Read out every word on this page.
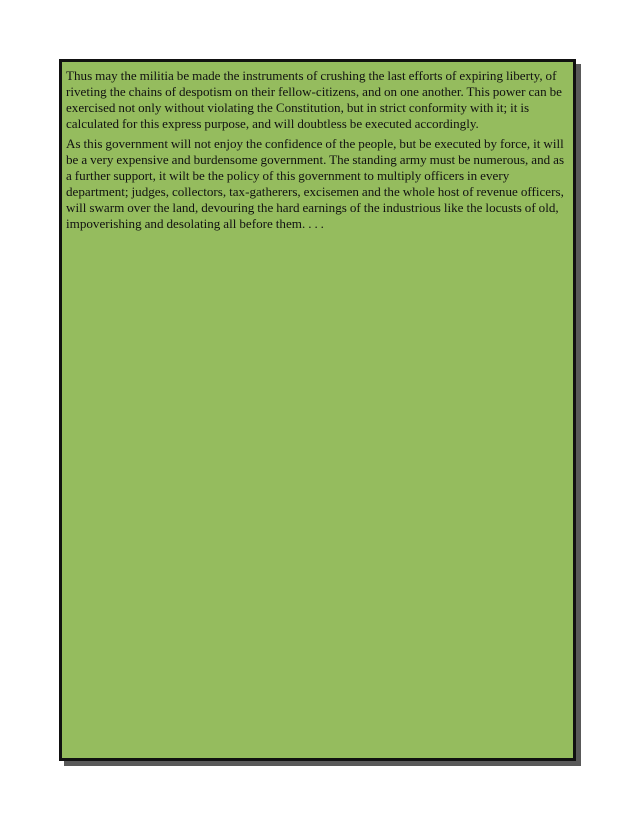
Thus may the militia be made the instruments of crushing the last efforts of expiring liberty, of riveting the chains of despotism on their fellow-citizens, and on one another. This power can be exercised not only without violating the Constitution, but in strict conformity with it; it is calculated for this express purpose, and will doubtless be executed accordingly.

As this government will not enjoy the confidence of the people, but be executed by force, it will be a very expensive and burdensome government. The standing army must be numerous, and as a further support, it wilt be the policy of this government to multiply officers in every department; judges, collectors, tax-gatherers, excisemen and the whole host of revenue officers, will swarm over the land, devouring the hard earnings of the industrious like the locusts of old, impoverishing and desolating all before them. . . .
